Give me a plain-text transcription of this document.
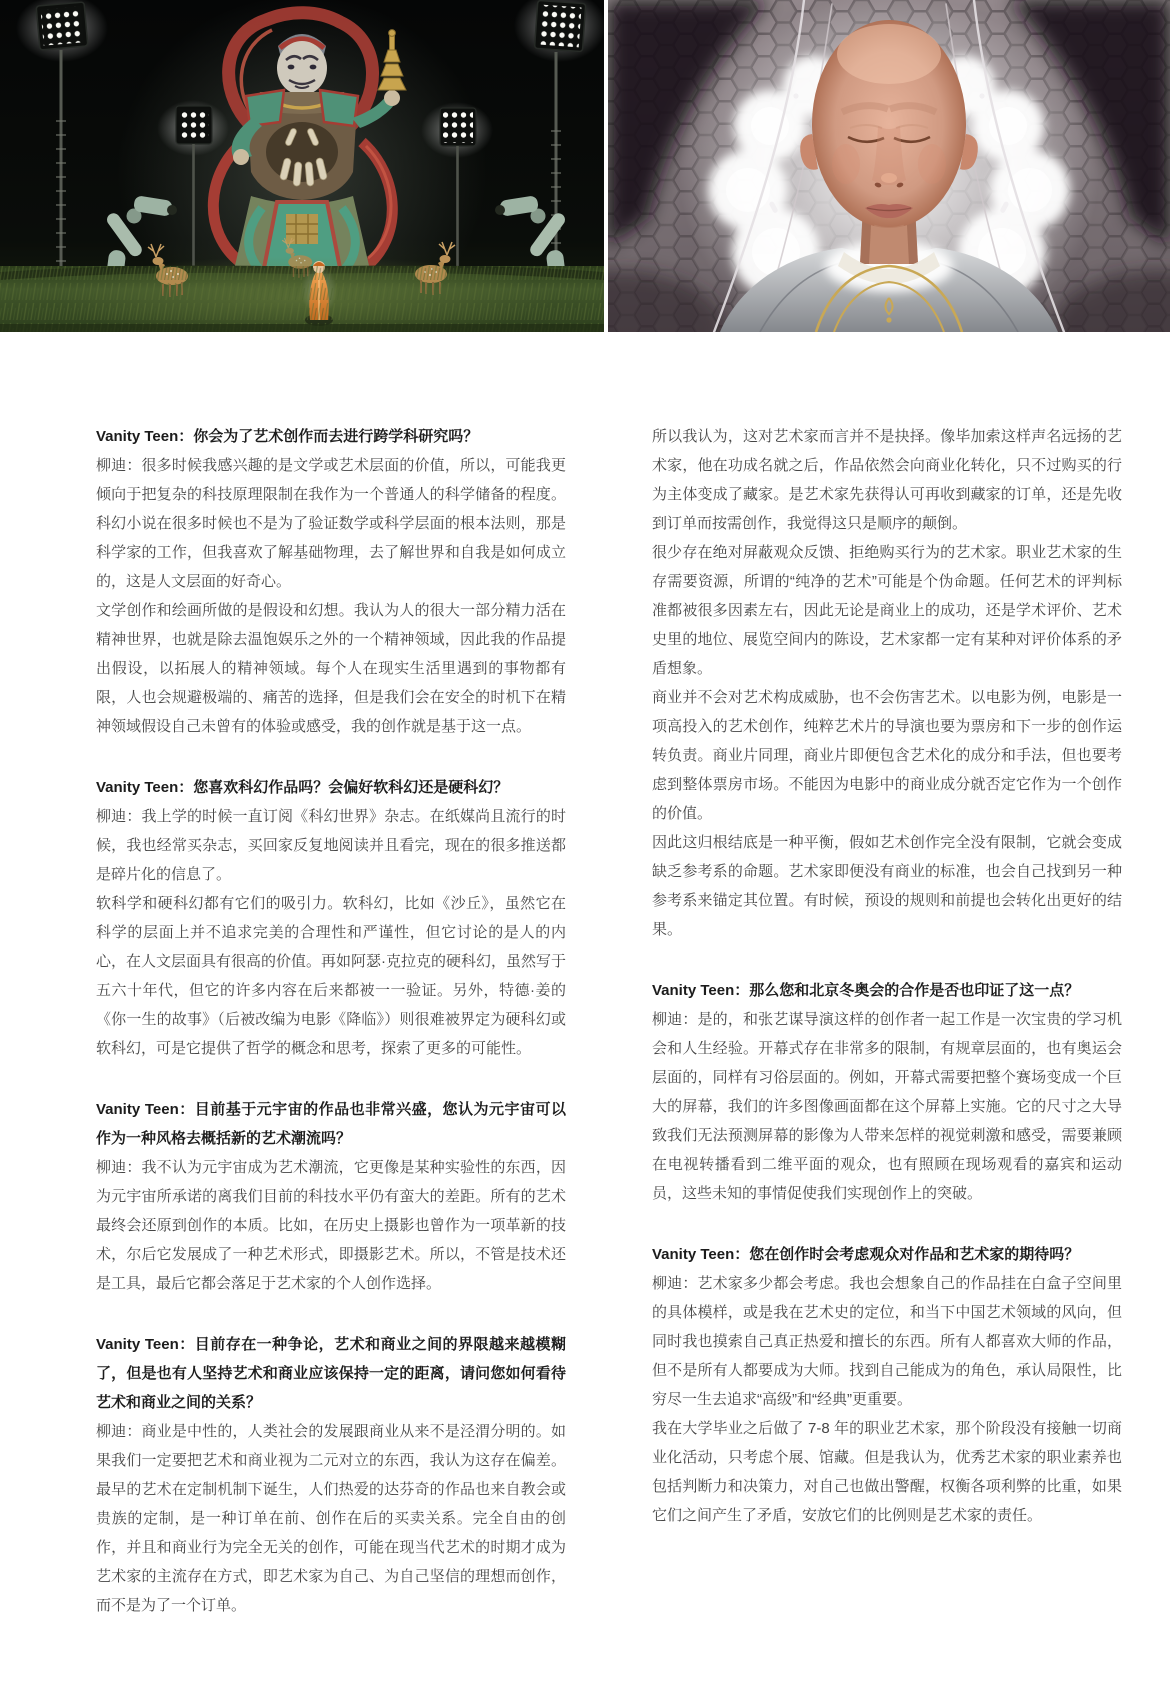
Vanity Teen：你会为了艺术创作而去进行跨学科研究吗？

柳迪：很多时候我感兴趣的是文学或艺术层面的价值，所以，可能我更倾向于把复杂的科技原理限制在我作为一个普通人的科学储备的程度。科幻小说在很多时候也不是为了验证数学或科学层面的根本法则，那是科学家的工作，但我喜欢了解基础物理，去了解世界和自我是如何成立的，这是人文层面的好奇心。

文学创作和绘画所做的是假设和幻想。我认为人的很大一部分精力活在精神世界，也就是除去温饱娱乐之外的一个精神领域，因此我的作品提出假设，以拓展人的精神领域。每个人在现实生活里遇到的事物都有限，人也会规避极端的、痛苦的选择，但是我们会在安全的时机下在精神领域假设自己未曾有的体验或感受，我的创作就是基于这一点。

Vanity Teen：您喜欢科幻作品吗？会偏好软科幻还是硬科幻？

柳迪：我上学的时候一直订阅《科幻世界》杂志。在纸媒尚且流行的时候，我也经常买杂志，买回家反复地阅读并且看完，现在的很多推送都是碎片化的信息了。

软科学和硬科幻都有它们的吸引力。软科幻，比如《沙丘》，虽然它在科学的层面上并不追求完美的合理性和严谨性，但它讨论的是人的内心，在人文层面具有很高的价值。再如阿瑟·克拉克的硬科幻，虽然写于五六十年代，但它的许多内容在后来都被一一验证。另外，特德·姜的《你一生的故事》（后被改编为电影《降临》）则很难被界定为硬科幻或软科幻，可是它提供了哲学的概念和思考，探索了更多的可能性。

Vanity Teen：目前基于元宇宙的作品也非常兴盛，您认为元宇宙可以作为一种风格去概括新的艺术潮流吗？

柳迪：我不认为元宇宙成为艺术潮流，它更像是某种实验性的东西，因为元宇宙所承诺的离我们目前的科技水平仍有蛮大的差距。所有的艺术最终会还原到创作的本质。比如，在历史上摄影也曾作为一项革新的技术，尔后它发展成了一种艺术形式，即摄影艺术。所以，不管是技术还是工具，最后它都会落足于艺术家的个人创作选择。

Vanity Teen：目前存在一种争论，艺术和商业之间的界限越来越模糊了，但是也有人坚持艺术和商业应该保持一定的距离，请问您如何看待艺术和商业之间的关系？

柳迪：商业是中性的，人类社会的发展跟商业从来不是泾渭分明的。如果我们一定要把艺术和商业视为二元对立的东西，我认为这存在偏差。最早的艺术在定制机制下诞生，人们热爱的达芬奇的作品也来自教会或贵族的定制，是一种订单在前、创作在后的买卖关系。完全自由的创作，并且和商业行为完全无关的创作，可能在现当代艺术的时期才成为艺术家的主流存在方式，即艺术家为自己、为自己坚信的理想而创作，而不是为了一个订单。

所以我认为，这对艺术家而言并不是抉择。像毕加索这样声名远扬的艺术家，他在功成名就之后，作品依然会向商业化转化，只不过购买的行为主体变成了藏家。是艺术家先获得认可再收到藏家的订单，还是先收到订单而按需创作，我觉得这只是顺序的颠倒。

很少存在绝对屏蔽观众反馈、拒绝购买行为的艺术家。职业艺术家的生存需要资源，所谓的“纯净的艺术”可能是个伪命题。任何艺术的评判标准都被很多因素左右，因此无论是商业上的成功，还是学术评价、艺术史里的地位、展览空间内的陈设，艺术家都一定有某种对评价体系的矛盾想象。

商业并不会对艺术构成威胁，也不会伤害艺术。以电影为例，电影是一项高投入的艺术创作，纯粹艺术片的导演也要为票房和下一步的创作运转负责。商业片同理，商业片即便包含艺术化的成分和手法，但也要考虑到整体票房市场。不能因为电影中的商业成分就否定它作为一个创作的价值。

因此这归根结底是一种平衡，假如艺术创作完全没有限制，它就会变成缺乏参考系的命题。艺术家即便没有商业的标准，也会自己找到另一种参考系来锚定其位置。有时候，预设的规则和前提也会转化出更好的结果。

Vanity Teen：那么您和北京冬奥会的合作是否也印证了这一点？

柳迪：是的，和张艺谋导演这样的创作者一起工作是一次宝贵的学习机会和人生经验。开幕式存在非常多的限制，有规章层面的，也有奥运会层面的，同样有习俗层面的。例如，开幕式需要把整个赛场变成一个巨大的屏幕，我们的许多图像画面都在这个屏幕上实施。它的尺寸之大导致我们无法预测屏幕的影像为人带来怎样的视觉刺激和感受，需要兼顾在电视转播看到二维平面的观众，也有照顾在现场观看的嘉宾和运动员，这些未知的事情促使我们实现创作上的突破。

Vanity Teen：您在创作时会考虑观众对作品和艺术家的期待吗？

柳迪：艺术家多少都会考虑。我也会想象自己的作品挂在白盒子空间里的具体模样，或是我在艺术史的定位，和当下中国艺术领域的风向，但同时我也摸索自己真正热爱和擅长的东西。所有人都喜欢大师的作品，但不是所有人都要成为大师。找到自己能成为的角色，承认局限性，比穷尽一生去追求“高级”和“经典”更重要。

我在大学毕业之后做了 7-8 年的职业艺术家，那个阶段没有接触一切商业化活动，只考虑个展、馆藏。但是我认为，优秀艺术家的职业素养也包括判断力和决策力，对自己也做出警醒，权衡各项利弊的比重，如果它们之间产生了矛盾，安放它们的比例则是艺术家的责任。
